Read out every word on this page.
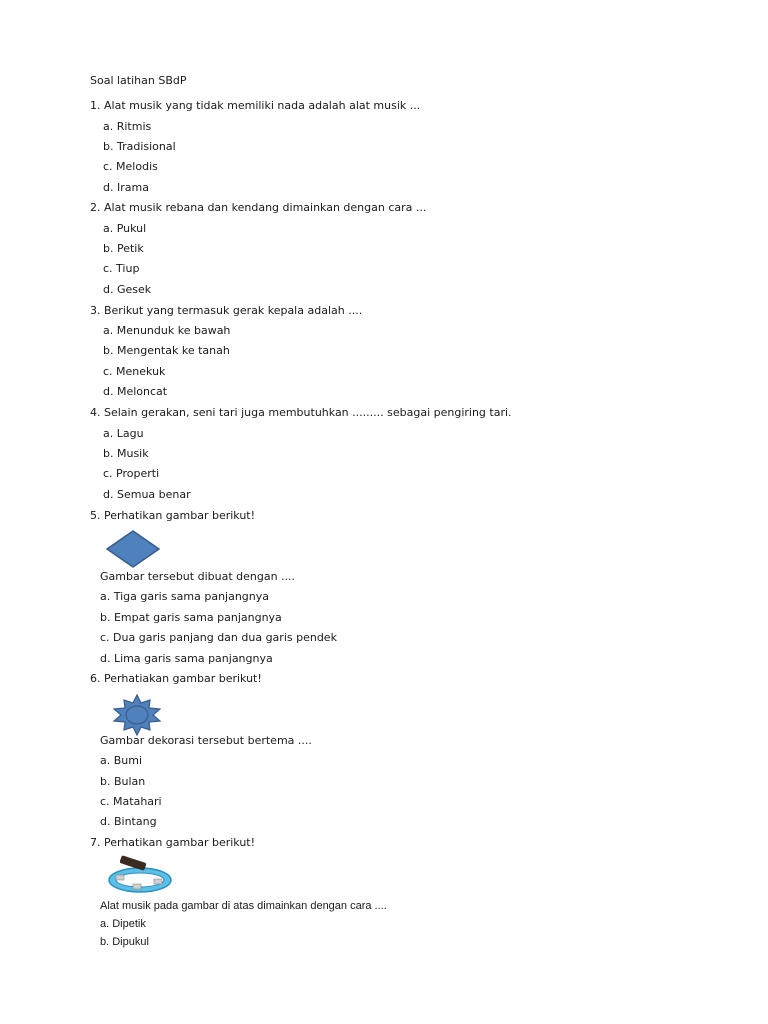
Soal latihan SBdP
1. Alat musik yang tidak memiliki nada adalah alat musik ...
a. Ritmis
b. Tradisional
c. Melodis
d. Irama
2. Alat musik rebana dan kendang dimainkan dengan cara ...
a. Pukul
b. Petik
c. Tiup
d. Gesek
3. Berikut yang termasuk gerak kepala adalah ....
a. Menunduk ke bawah
b. Mengentak ke tanah
c. Menekuk
d. Meloncat
4. Selain gerakan, seni tari juga membutuhkan ......... sebagai pengiring tari.
a. Lagu
b. Musik
c. Properti
d. Semua benar
5. Perhatikan gambar berikut!
Gambar tersebut dibuat dengan ....
a. Tiga garis sama panjangnya
b. Empat garis sama panjangnya
c. Dua garis panjang dan dua garis pendek
d. Lima garis sama panjangnya
6. Perhatiakan gambar berikut!
Gambar dekorasi tersebut bertema ....
a. Bumi
b. Bulan
c. Matahari
d. Bintang
7. Perhatikan gambar berikut!
Alat musik pada gambar di atas dimainkan dengan cara ....
a. Dipetik
b. Dipukul
